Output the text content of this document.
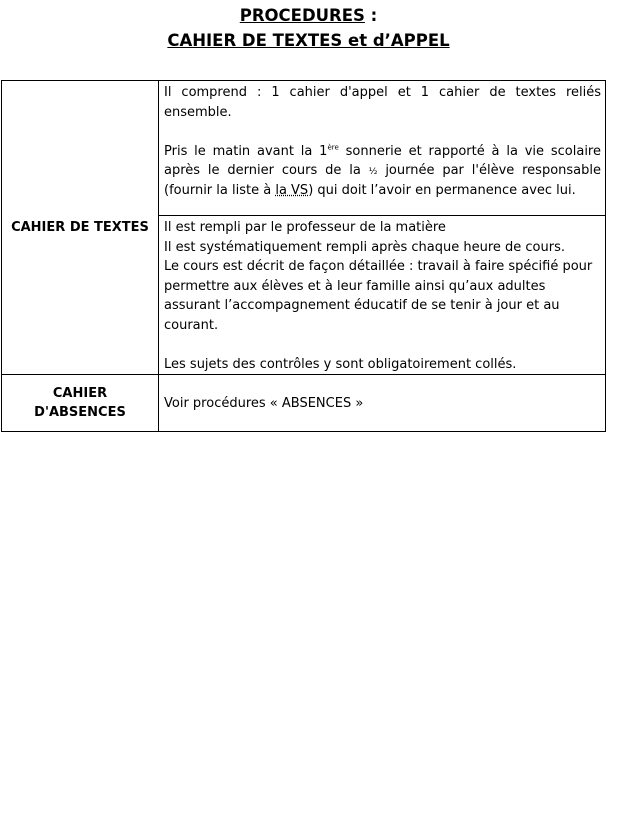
PROCEDURES :
CAHIER DE TEXTES et d’APPEL
CAHIER DE TEXTES	Il comprend : 1 cahier d'appel et 1 cahier de textes reliés ensemble.

Pris le matin avant la 1ère sonnerie et rapporté à la vie scolaire après le dernier cours de la ½ journée par l'élève responsable (fournir la liste à la VS) qui doit l’avoir en permanence avec lui.

	Il est rempli par le professeur de la matière

Il est systématiquement rempli après chaque heure de cours.

Le cours est décrit de façon détaillée : travail à faire spécifié pour permettre aux élèves et à leur famille ainsi qu’aux adultes assurant l’accompagnement éducatif de se tenir à jour et au courant.

Les sujets des contrôles y sont obligatoirement collés.

CAHIER
D'ABSENCES	Voir procédures « ABSENCES »
